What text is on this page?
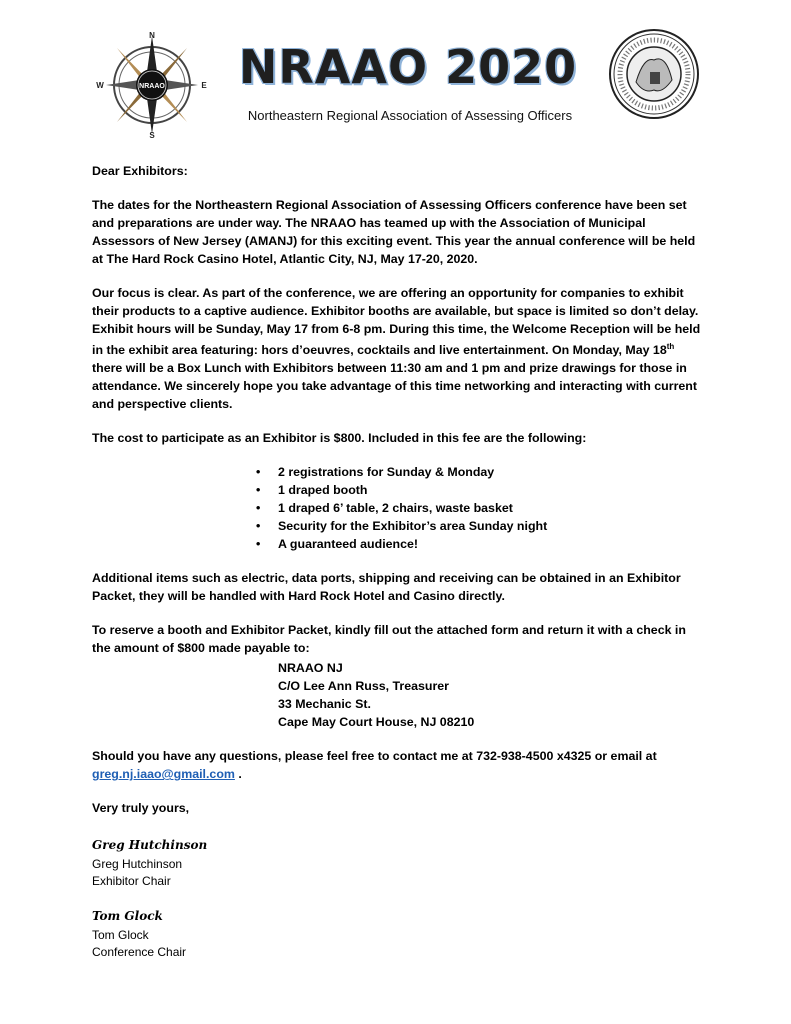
NRAAO
N
S
E
W	NRAAO 2020
Northeastern Regional Association of Assessing Officers
Dear Exhibitors:

The dates for the Northeastern Regional Association of Assessing Officers conference have been set and preparations are under way. The NRAAO has teamed up with the Association of Municipal Assessors of New Jersey (AMANJ) for this exciting event. This year the annual conference will be held at The Hard Rock Casino Hotel, Atlantic City, NJ, May 17-20, 2020.

Our focus is clear. As part of the conference, we are offering an opportunity for companies to exhibit their products to a captive audience. Exhibitor booths are available, but space is limited so don’t delay. Exhibit hours will be Sunday, May 17 from 6-8 pm. During this time, the Welcome Reception will be held in the exhibit area featuring: hors d’oeuvres, cocktails and live entertainment. On Monday, May 18th there will be a Box Lunch with Exhibitors between 11:30 am and 1 pm and prize drawings for those in attendance. We sincerely hope you take advantage of this time networking and interacting with current and perspective clients.

The cost to participate as an Exhibitor is $800. Included in this fee are the following:

• 2 registrations for Sunday & Monday
• 1 draped booth
• 1 draped 6’ table, 2 chairs, waste basket
• Security for the Exhibitor’s area Sunday night
• A guaranteed audience!

Additional items such as electric, data ports, shipping and receiving can be obtained in an Exhibitor Packet, they will be handled with Hard Rock Hotel and Casino directly.

To reserve a booth and Exhibitor Packet, kindly fill out the attached form and return it with a check in the amount of $800 made payable to:

NRAAO NJ
C/O Lee Ann Russ, Treasurer
33 Mechanic St.
Cape May Court House, NJ 08210

Should you have any questions, please feel free to contact me at 732-938-4500 x4325 or email at
greg.nj.iaao@gmail.com .

Very truly yours,
Greg Hutchinson
Greg Hutchinson
Exhibitor Chair
Tom Glock
Tom Glock
Conference Chair
